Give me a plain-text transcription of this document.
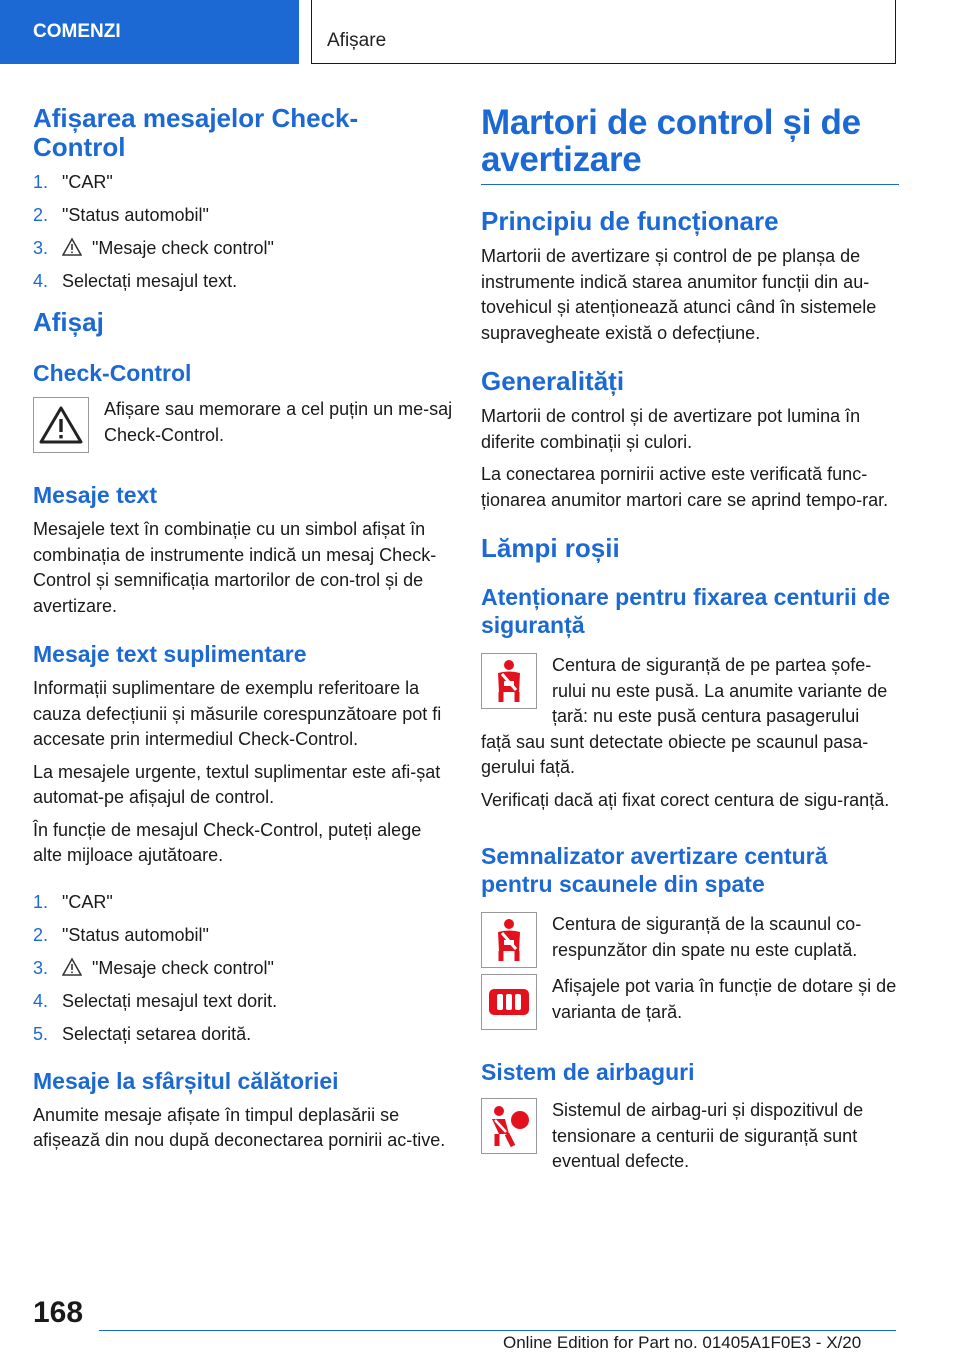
COMENZI	Afișare
Afișarea mesajelor Check-Control
1. "CAR"
2. "Status automobil"
3.	"Mesaje check control"
4. Selectați mesajul text.
Afișaj
Check-Control

Afișare sau memorare a cel puțin un me-saj Check-Control.

Mesaje text

Mesajele text în combinație cu un simbol afișat în combinația de instrumente indică un mesaj Check-Control și semnificația martorilor de con-trol și de avertizare.

Mesaje text suplimentare

Informații suplimentare de exemplu referitoare la cauza defecțiunii și măsurile corespunzătoare pot fi accesate prin intermediul Check-Control.

La mesajele urgente, textul suplimentar este afi-șat automat-pe afișajul de control.

În funcție de mesajul Check-Control, puteți alege alte mijloace ajutătoare.

1. "CAR"
2. "Status automobil"
3.	"Mesaje check control"
4. Selectați mesajul text dorit.
5. Selectați setarea dorită.
Mesaje la sfârșitul călătoriei

Anumite mesaje afișate în timpul deplasării se afișează din nou după deconectarea pornirii ac-tive.

Martori de control și de avertizare
Principiu de funcționare

Martorii de avertizare și control de pe planșa de instrumente indică starea anumitor funcții din au-tovehicul și atenționează atunci când în sistemele supravegheate există o defecțiune.

Generalități

Martorii de control și de avertizare pot lumina în diferite combinații și culori.

La conectarea pornirii active este verificată func-ționarea anumitor martori care se aprind tempo-rar.

Lămpi roșii
Atenționare pentru fixarea centurii de siguranță

Centura de siguranță de pe partea șofe-rului nu este pusă. La anumite variante de țară: nu este pusă centura pasagerului

față sau sunt detectate obiecte pe scaunul pasa-gerului față.

Verificați dacă ați fixat corect centura de sigu-ranță.

Semnalizator avertizare centură pentru scaunele din spate

Centura de siguranță de la scaunul co-respunzător din spate nu este cuplată.

Afișajele pot varia în funcție de dotare și de varianta de țară.

Sistem de airbaguri

Sistemul de airbag-uri și dispozitivul de tensionare a centurii de siguranță sunt eventual defecte.

168
Online Edition for Part no. 01405A1F0E3 - X/20
